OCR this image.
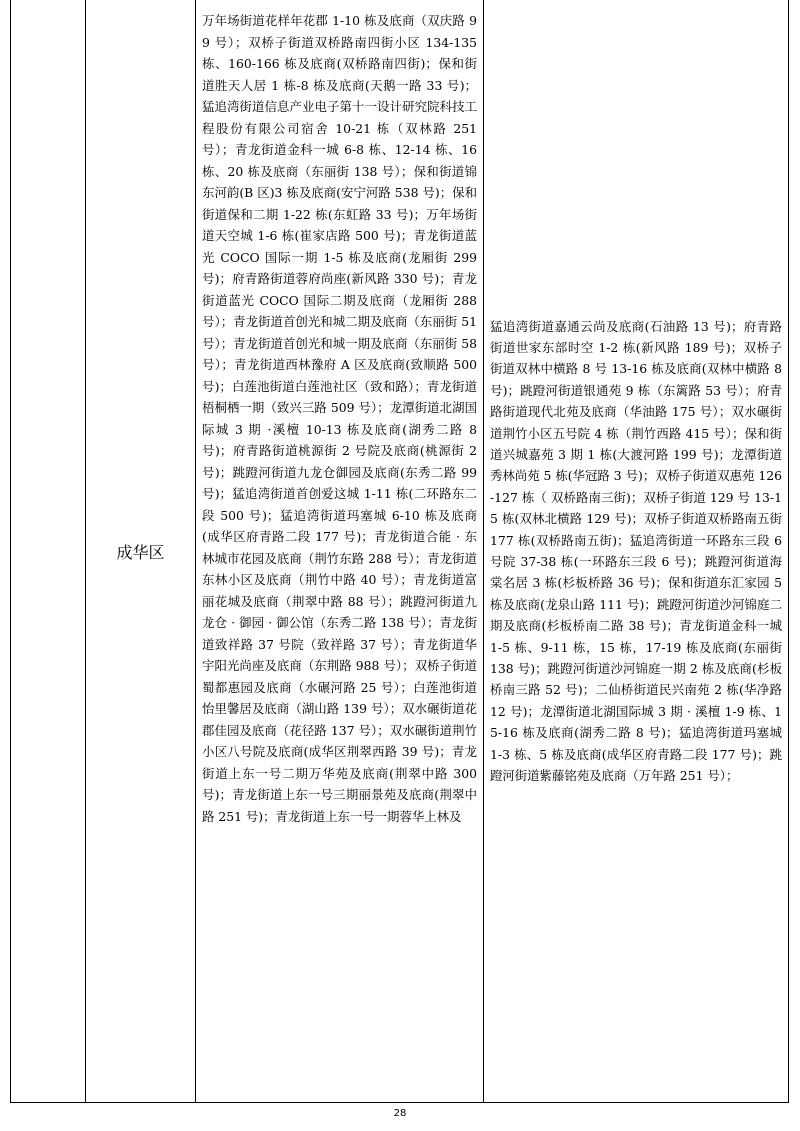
成华区
万年场街道花样年花郡 1-10 栋及底商（双庆路 99 号）；双桥子街道双桥路南四街小区 134-135 栋、160-166 栋及底商(双桥路南四街)；保和街道胜天人居 1 栋-8 栋及底商(天鹅一路 33 号)；猛追湾街道信息产业电子第十一设计研究院科技工程股份有限公司宿舍 10-21 栋（双林路 251 号）；青龙街道金科一城 6-8 栋、12-14 栋、16 栋、20 栋及底商（东丽街 138 号）；保和街道锦东河韵(B 区)3 栋及底商(安宁河路 538 号)；保和街道保和二期 1-22 栋(东虹路 33 号)；万年场街道天空城 1-6 栋(崔家店路 500 号)；青龙街道蓝光 COCO 国际一期 1-5 栋及底商(龙厢街 299 号)；府青路街道蓉府尚座(新风路 330 号)；青龙街道蓝光 COCO 国际二期及底商（龙厢街 288 号）；青龙街道首创光和城二期及底商（东丽街 51 号）；青龙街道首创光和城一期及底商（东丽街 58 号）；青龙街道西林豫府 A 区及底商(致顺路 500 号)；白莲池街道白莲池社区（致和路）；青龙街道梧桐栖一期（致兴三路 509 号）；龙潭街道北湖国际城 3 期 ·溪檀 10-13 栋及底商(湖秀二路 8 号)；府青路街道桃源街 2 号院及底商(桃源街 2 号)；跳蹬河街道九龙仓御园及底商(东秀二路 99 号)；猛追湾街道首创爱这城 1-11 栋(二环路东二段 500 号)；猛追湾街道玛塞城 6-10 栋及底商(成华区府青路二段 177 号)；青龙街道合能 · 东林城市花园及底商（荆竹东路 288 号）；青龙街道东林小区及底商（荆竹中路 40 号）；青龙街道富丽花城及底商（荆翠中路 88 号）；跳蹬河街道九龙仓 · 御园 · 御公馆（东秀二路 138 号）；青龙街道致祥路 37 号院（致祥路 37 号）；青龙街道华宇阳光尚座及底商（东荆路 988 号）；双桥子街道蜀都惠园及底商（水碾河路 25 号）；白莲池街道怡里馨居及底商（湖山路 139 号）；双水碾街道花郡佳园及底商（花径路 137 号）；双水碾街道荆竹小区八号院及底商(成华区荆翠西路 39 号)；青龙街道上东一号二期万华苑及底商(荆翠中路 300 号)；青龙街道上东一号三期丽景苑及底商(荆翠中路 251 号)；青龙街道上东一号一期蓉华上林及
猛追湾街道嘉通云尚及底商(石油路 13 号)；府青路街道世家东部时空 1-2 栋(新风路 189 号)；双桥子街道双林中横路 8 号 13-16 栋及底商(双林中横路 8 号)；跳蹬河街道银通苑 9 栋（东篱路 53 号）；府青路街道现代北苑及底商（华油路 175 号）；双水碾街道荆竹小区五号院 4 栋（荆竹西路 415 号）；保和街道兴城嘉苑 3 期 1 栋(大渡河路 199 号)；龙潭街道秀林尚苑 5 栋(华冠路 3 号)；双桥子街道双惠苑 126-127 栋（ 双桥路南三街)；双桥子街道 129 号 13-15 栋(双林北横路 129 号)；双桥子街道双桥路南五街 177 栋(双桥路南五街)；猛追湾街道一环路东三段 6 号院 37-38 栋(一环路东三段 6 号)；跳蹬河街道海棠名居 3 栋(杉板桥路 36 号)；保和街道东汇家园 5 栋及底商(龙泉山路 111 号)；跳蹬河街道沙河锦庭二期及底商(杉板桥南二路 38 号)；青龙街道金科一城 1-5 栋、9-11 栋，15 栋，17-19 栋及底商(东丽街 138 号)；跳蹬河街道沙河锦庭一期 2 栋及底商(杉板桥南三路 52 号)；二仙桥街道民兴南苑 2 栋(华净路 12 号)；龙潭街道北湖国际城 3 期 · 溪檀 1-9 栋、15-16 栋及底商(湖秀二路 8 号)；猛追湾街道玛塞城 1-3 栋、5 栋及底商(成华区府青路二段 177 号)；跳蹬河街道紫藤铭苑及底商（万年路 251 号）；
28
